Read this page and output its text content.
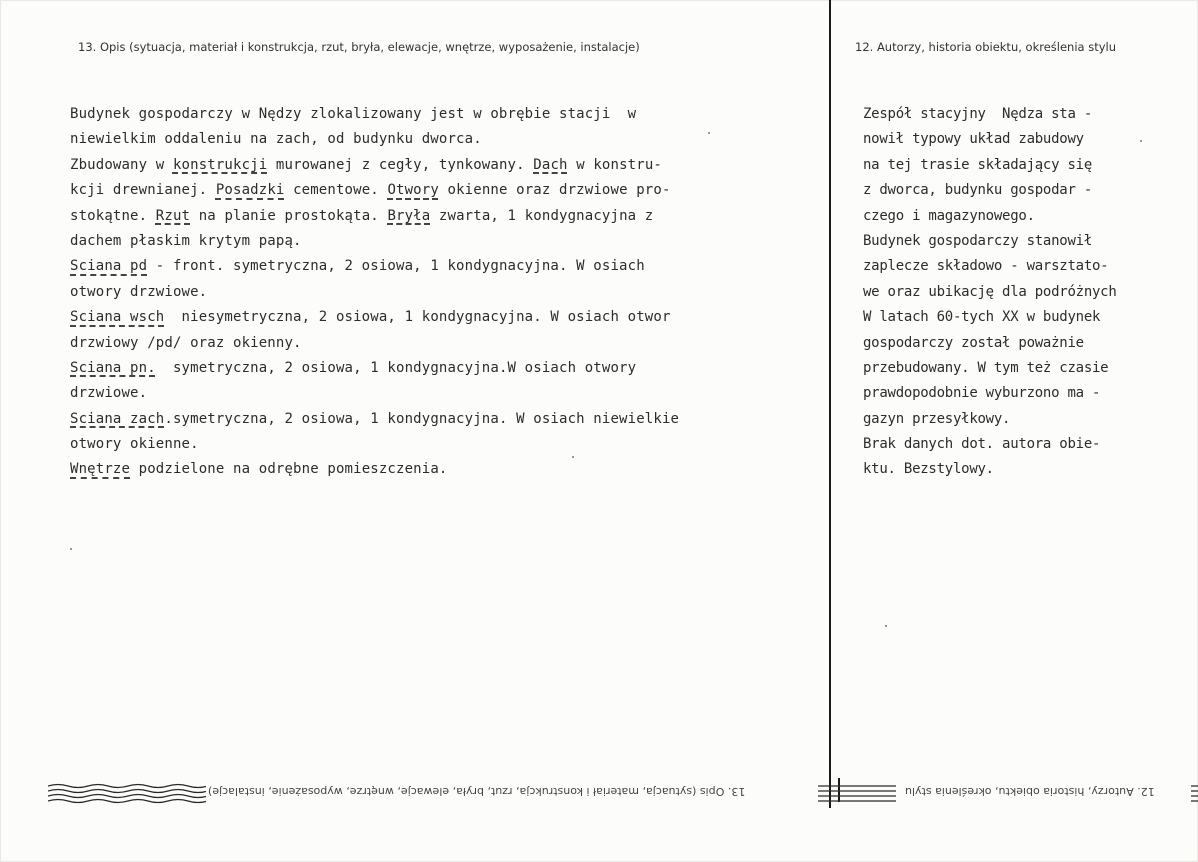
13. Opis (sytuacja, materiał i konstrukcja, rzut, bryła, elewacje, wnętrze, wyposażenie, instalacje)	12. Autorzy, historia obiektu, określenia stylu
Budynek gospodarczy w Nędzy zlokalizowany jest w obrębie stacji  w
niewielkim oddaleniu na zach, od budynku dworca.
Zbudowany w konstrukcji murowanej z cegły, tynkowany. Dach w konstru-
kcji drewnianej. Posadzki cementowe. Otwory okienne oraz drzwiowe pro-
stokątne. Rzut na planie prostokąta. Bryła zwarta, 1 kondygnacyjna z
dachem płaskim krytym papą.
Sciana pd - front. symetryczna, 2 osiowa, 1 kondygnacyjna. W osiach
otwory drzwiowe.
Sciana wsch  niesymetryczna, 2 osiowa, 1 kondygnacyjna. W osiach otwor
drzwiowy /pd/ oraz okienny.
Sciana pn.  symetryczna, 2 osiowa, 1 kondygnacyjna.W osiach otwory
drzwiowe.
Sciana zach.symetryczna, 2 osiowa, 1 kondygnacyjna. W osiach niewielkie
otwory okienne.
Wnętrze podzielone na odrębne pomieszczenia.
Zespół stacyjny  Nędza sta -
nowił typowy układ zabudowy
na tej trasie składający się
z dworca, budynku gospodar -
czego i magazynowego.
Budynek gospodarczy stanowił
zaplecze składowo - warsztato-
we oraz ubikację dla podróżnych
W latach 60-tych XX w budynek
gospodarczy został poważnie
przebudowany. W tym też czasie
prawdopodobnie wyburzono ma -
gazyn przesyłkowy.
Brak danych dot. autora obie-
ktu. Bezstylowy.
13. Opis (sytuacja, materiał i konstrukcja, rzut, bryła, elewacje, wnętrze, wyposażenie, instalacje)	12. Autorzy, historia obiektu, określenia stylu
